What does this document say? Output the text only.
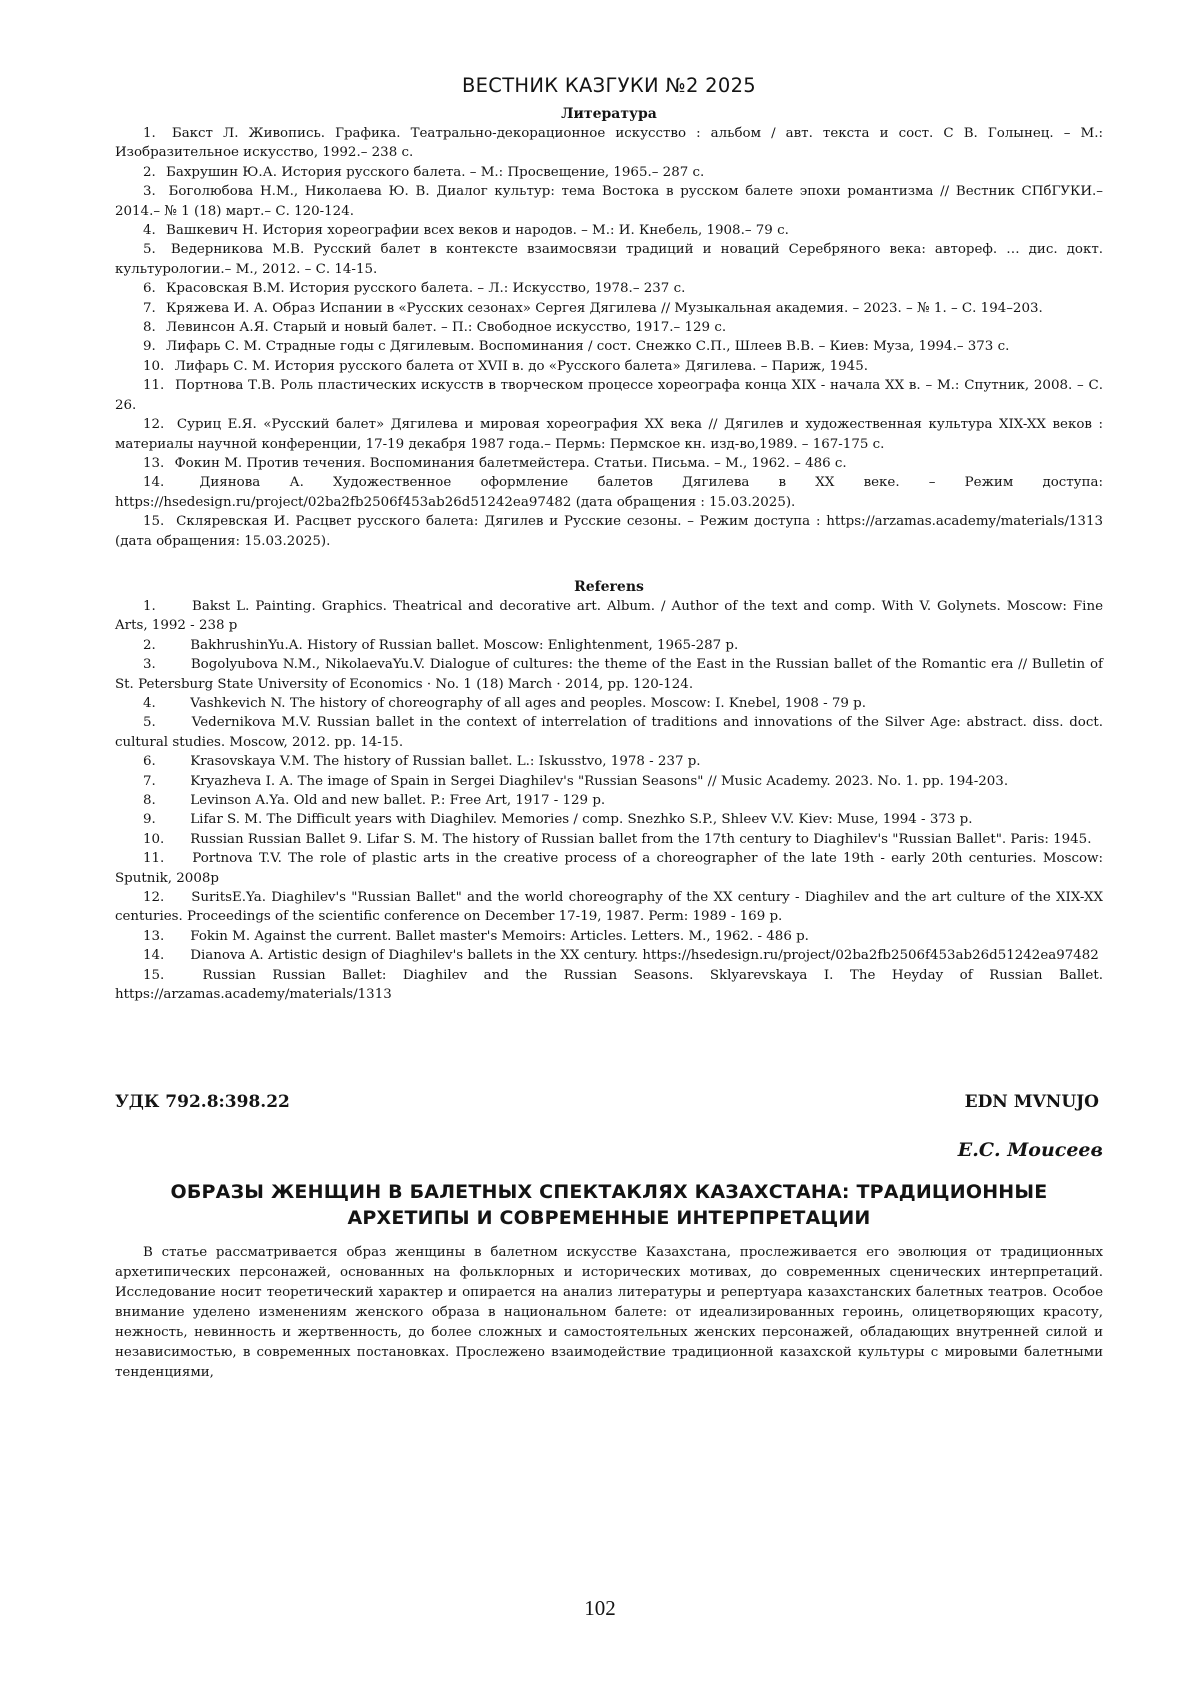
ВЕСТНИК КАЗГУКИ №2 2025
Литература

1. Бакст Л. Живопись. Графика. Театрально-декорационное искусство : альбом / авт. текста и сост. С В. Голынец. – М.: Изобразительное искусство, 1992.– 238 с.

2. Бахрушин Ю.А. История русского балета. – М.: Просвещение, 1965.– 287 с.

3. Боголюбова Н.М., Николаева Ю. В. Диалог культур: тема Востока в русском балете эпохи романтизма // Вестник СПбГУКИ.– 2014.– № 1 (18) март.– С. 120-124.

4. Вашкевич Н. История хореографии всех веков и народов. – М.: И. Кнебель, 1908.– 79 с.

5. Ведерникова М.В. Русский балет в контексте взаимосвязи традиций и новаций Серебряного века: автореф. … дис. докт. культурологии.– М., 2012. – С. 14-15.

6. Красовская В.М. История русского балета. – Л.: Искусство, 1978.– 237 с.

7. Кряжева И. А. Образ Испании в «Русских сезонах» Сергея Дягилева // Музыкальная академия. – 2023. – № 1. – С. 194–203.

8. Левинсон А.Я. Старый и новый балет. – П.: Свободное искусство, 1917.– 129 с.

9. Лифарь С. М. Страдные годы с Дягилевым. Воспоминания / сост. Снежко С.П., Шлеев В.В. – Киев: Муза, 1994.– 373 с.

10. Лифарь С. М. История русского балета от XVII в. до «Русского балета» Дягилева. – Париж, 1945.

11. Портнова Т.В. Роль пластических искусств в творческом процессе хореографа конца XIX - начала XX в. – М.: Спутник, 2008. – С. 26.

12. Суриц Е.Я. «Русский балет» Дягилева и мировая хореография XX века // Дягилев и художественная культура XIX-XX веков : материалы научной конференции, 17-19 декабря 1987 года.– Пермь: Пермское кн. изд-во,1989. – 167-175 с.

13. Фокин М. Против течения. Воспоминания балетмейстера. Статьи. Письма. – М., 1962. – 486 с.

14.	Диянова А. Художественное оформление балетов Дягилева в XX веке. – Режим доступа: https://hsedesign.ru/project/02ba2fb2506f453ab26d51242ea97482 (дата обращения : 15.03.2025).

15. Склярeвская И. Расцвет русского балета: Дягилев и Русские сезоны. – Режим доступа : https://arzamas.academy/materials/1313 (дата обращения: 15.03.2025).

Referens

1.	Bakst L. Painting. Graphics. Theatrical and decorative art. Album. / Author of the text and comp. With V. Golynets. Moscow: Fine Arts, 1992 - 238 p

2.	BakhrushinYu.A. History of Russian ballet. Moscow: Enlightenment, 1965-287 p.

3.	Bogolyubova N.M., NikolaevaYu.V. Dialogue of cultures: the theme of the East in the Russian ballet of the Romantic era // Bulletin of St. Petersburg State University of Economics · No. 1 (18) March · 2014, pp. 120-124.

4.	Vashkevich N. The history of choreography of all ages and peoples. Moscow: I. Knebel, 1908 - 79 p.

5.	Vedernikova M.V. Russian ballet in the context of interrelation of traditions and innovations of the Silver Age: abstract. diss. doct. cultural studies. Moscow, 2012. pp. 14-15.

6.	Krasovskaya V.M. The history of Russian ballet. L.: Iskusstvo, 1978 - 237 p.

7.	Kryazheva I. A. The image of Spain in Sergei Diaghilev's "Russian Seasons" // Music Academy. 2023. No. 1. pp. 194-203.

8.	Levinson A.Ya. Old and new ballet. P.: Free Art, 1917 - 129 p.

9.	Lifar S. M. The Difficult years with Diaghilev. Memories / comp. Snezhko S.P., Shleev V.V. Kiev: Muse, 1994 - 373 p.

10. Russian Russian Ballet 9. Lifar S. M. The history of Russian ballet from the 17th century to Diaghilev's "Russian Ballet". Paris: 1945.

11. Portnova T.V. The role of plastic arts in the creative process of a choreographer of the late 19th - early 20th centuries. Moscow: Sputnik, 2008p

12. SuritsE.Ya. Diaghilev's "Russian Ballet" and the world choreography of the XX century - Diaghilev and the art culture of the XIX-XX centuries. Proceedings of the scientific conference on December 17-19, 1987. Perm: 1989 - 169 p.

13. Fokin M. Against the current. Ballet master's Memoirs: Articles. Letters. M., 1962. - 486 p.

14. Dianova A. Artistic design of Diaghilev's ballets in the XX century. https://hsedesign.ru/project/02ba2fb2506f453ab26d51242ea97482

15.	Russian Russian Ballet: Diaghilev and the Russian Seasons. Sklyarevskaya I. The Heyday of Russian Ballet. https://arzamas.academy/materials/1313

УДК 792.8:398.22	EDN MVNUJO
Е.С. Моисеев
ОБРАЗЫ ЖЕНЩИН В БАЛЕТНЫХ СПЕКТАКЛЯХ КАЗАХСТАНА: ТРАДИЦИОННЫЕ
АРХЕТИПЫ И СОВРЕМЕННЫЕ ИНТЕРПРЕТАЦИИ

В статье рассматривается образ женщины в балетном искусстве Казахстана, прослеживается его эволюция от традиционных архетипических персонажей, основанных на фольклорных и исторических мотивах, до современных сценических интерпретаций. Исследование носит теоретический характер и опирается на анализ литературы и репертуара казахстанских балетных театров. Особое внимание уделено изменениям женского образа в национальном балете: от идеализированных героинь, олицетворяющих красоту, нежность, невинность и жертвенность, до более сложных и самостоятельных женских персонажей, обладающих внутренней силой и независимостью, в современных постановках. Прослежено взаимодействие традиционной казахской культуры с мировыми балетными тенденциями,

102
